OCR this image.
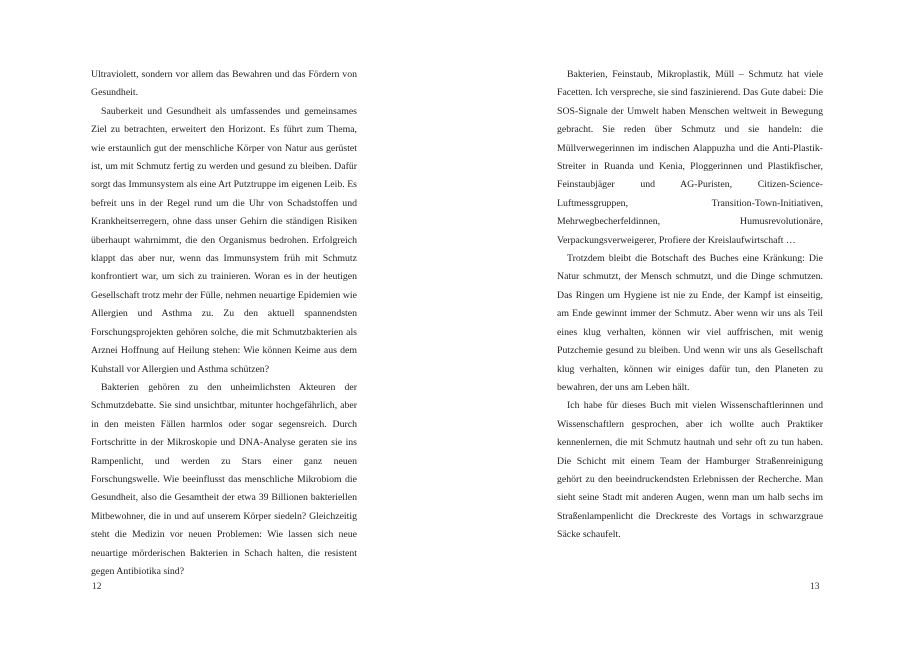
Ultraviolett, sondern vor allem das Bewahren und das Fördern von Gesundheit.

Sauberkeit und Gesundheit als umfassendes und gemeinsames Ziel zu betrachten, erweitert den Horizont. Es führt zum Thema, wie erstaunlich gut der menschliche Körper von Natur aus gerüstet ist, um mit Schmutz fertig zu werden und gesund zu bleiben. Dafür sorgt das Immunsystem als eine Art Putztruppe im eigenen Leib. Es befreit uns in der Regel rund um die Uhr von Schadstoffen und Krankheitserregern, ohne dass unser Gehirn die ständigen Risiken überhaupt wahrnimmt, die den Organismus bedrohen. Erfolgreich klappt das aber nur, wenn das Immunsystem früh mit Schmutz konfrontiert war, um sich zu trainieren. Woran es in der heutigen Gesellschaft trotz mehr der Fülle, nehmen neuartige Epidemien wie Allergien und Asthma zu. Zu den aktuell spannendsten Forschungsprojekten gehören solche, die mit Schmutzbakterien als Arznei Hoffnung auf Heilung stehen: Wie können Keime aus dem Kuhstall vor Allergien und Asthma schützen?

Bakterien gehören zu den unheimlichsten Akteuren der Schmutzdebatte. Sie sind unsichtbar, mitunter hochgefährlich, aber in den meisten Fällen harmlos oder sogar segensreich. Durch Fortschritte in der Mikroskopie und DNA-Analyse geraten sie ins Rampenlicht, und werden zu Stars einer ganz neuen Forschungswelle. Wie beeinflusst das menschliche Mikrobiom die Gesundheit, also die Gesamtheit der etwa 39 Billionen bakteriellen Mitbewohner, die in und auf unserem Körper siedeln? Gleichzeitig steht die Medizin vor neuen Problemen: Wie lassen sich neue neuartige mörderischen Bakterien in Schach halten, die resistent gegen Antibiotika sind?

12

Bakterien, Feinstaub, Mikroplastik, Müll – Schmutz hat viele Facetten. Ich verspreche, sie sind faszinierend. Das Gute dabei: Die SOS-Signale der Umwelt haben Menschen weltweit in Bewegung gebracht. Sie reden über Schmutz und sie handeln: die Müllverwegerinnen im indischen Alappuzha und die Anti-Plastik-Streiter in Ruanda und Kenia, Ploggerinnen und Plastikfischer, Feinstaubjäger und AG-Puristen, Citizen-Science-Luftmessgruppen, Transition-Town-Initiativen, Mehrwegbecherfeldinnen, Humusrevolutionäre, Verpackungsverweigerer, Profiere der Kreislaufwirtschaft …

Trotzdem bleibt die Botschaft des Buches eine Kränkung: Die Natur schmutzt, der Mensch schmutzt, und die Dinge schmutzen. Das Ringen um Hygiene ist nie zu Ende, der Kampf ist einseitig, am Ende gewinnt immer der Schmutz. Aber wenn wir uns als Teil eines klug verhalten, können wir viel auffrischen, mit wenig Putzchemie gesund zu bleiben. Und wenn wir uns als Gesellschaft klug verhalten, können wir einiges dafür tun, den Planeten zu bewahren, der uns am Leben hält.

Ich habe für dieses Buch mit vielen Wissenschaftlerinnen und Wissenschaftlern gesprochen, aber ich wollte auch Praktiker kennenlernen, die mit Schmutz hautnah und sehr oft zu tun haben. Die Schicht mit einem Team der Hamburger Straßenreinigung gehört zu den beeindruckendsten Erlebnissen der Recherche. Man sieht seine Stadt mit anderen Augen, wenn man um halb sechs im Straßenlampenlicht die Dreckreste des Vortags in schwarzgraue Säcke schaufelt.

13
